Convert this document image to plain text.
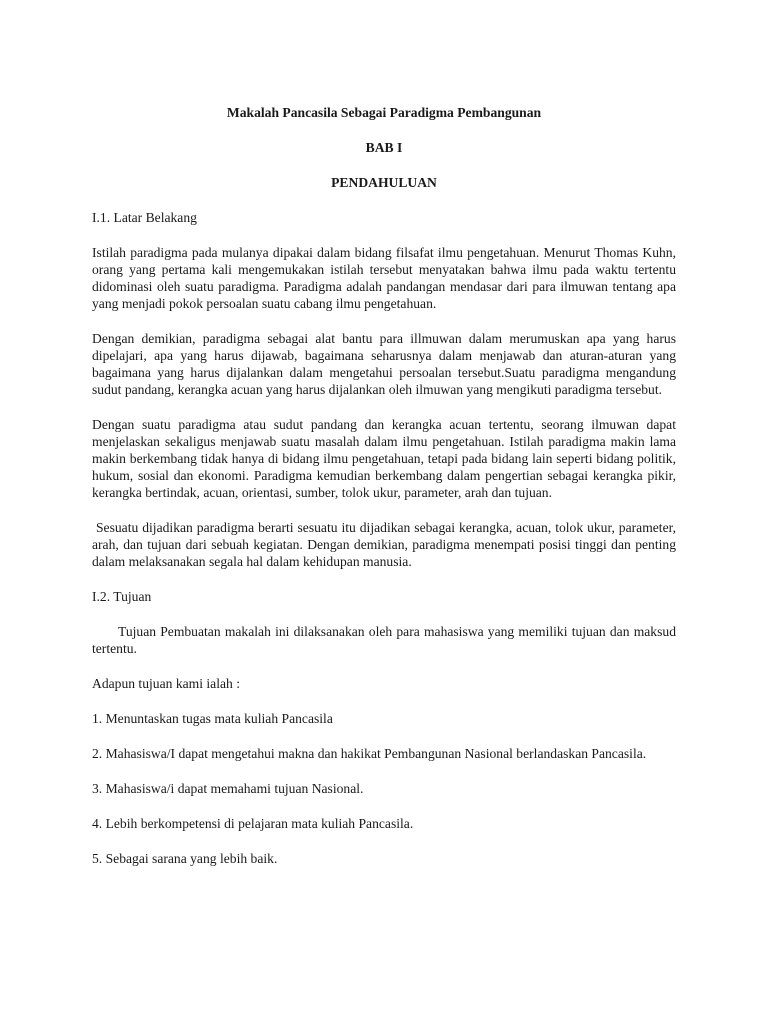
Makalah Pancasila Sebagai Paradigma Pembangunan
BAB I
PENDAHULUAN
I.1. Latar Belakang

Istilah paradigma pada mulanya dipakai dalam bidang filsafat ilmu pengetahuan. Menurut Thomas Kuhn, orang yang pertama kali mengemukakan istilah tersebut menyatakan bahwa ilmu pada waktu tertentu didominasi oleh suatu paradigma. Paradigma adalah pandangan mendasar dari para ilmuwan tentang apa yang menjadi pokok persoalan suatu cabang ilmu pengetahuan.

Dengan demikian, paradigma sebagai alat bantu para illmuwan dalam merumuskan apa yang harus dipelajari, apa yang harus dijawab, bagaimana seharusnya dalam menjawab dan aturan-aturan yang bagaimana yang harus dijalankan dalam mengetahui persoalan tersebut.Suatu paradigma mengandung sudut pandang, kerangka acuan yang harus dijalankan oleh ilmuwan yang mengikuti paradigma tersebut.

Dengan suatu paradigma atau sudut pandang dan kerangka acuan tertentu, seorang ilmuwan dapat menjelaskan sekaligus menjawab suatu masalah dalam ilmu pengetahuan. Istilah paradigma makin lama makin berkembang tidak hanya di bidang ilmu pengetahuan, tetapi pada bidang lain seperti bidang politik, hukum, sosial dan ekonomi. Paradigma kemudian berkembang dalam pengertian sebagai kerangka pikir, kerangka bertindak, acuan, orientasi, sumber, tolok ukur, parameter, arah dan tujuan.

Sesuatu dijadikan paradigma berarti sesuatu itu dijadikan sebagai kerangka, acuan, tolok ukur, parameter, arah, dan tujuan dari sebuah kegiatan. Dengan demikian, paradigma menempati posisi tinggi dan penting dalam melaksanakan segala hal dalam kehidupan manusia.

I.2. Tujuan

Tujuan Pembuatan makalah ini dilaksanakan oleh para mahasiswa yang memiliki tujuan dan maksud tertentu.

Adapun tujuan kami ialah :
1. Menuntaskan tugas mata kuliah Pancasila
2. Mahasiswa/I dapat mengetahui makna dan hakikat Pembangunan Nasional berlandaskan Pancasila.
3. Mahasiswa/i dapat memahami tujuan Nasional.
4. Lebih berkompetensi di pelajaran mata kuliah Pancasila.
5. Sebagai sarana yang lebih baik.
